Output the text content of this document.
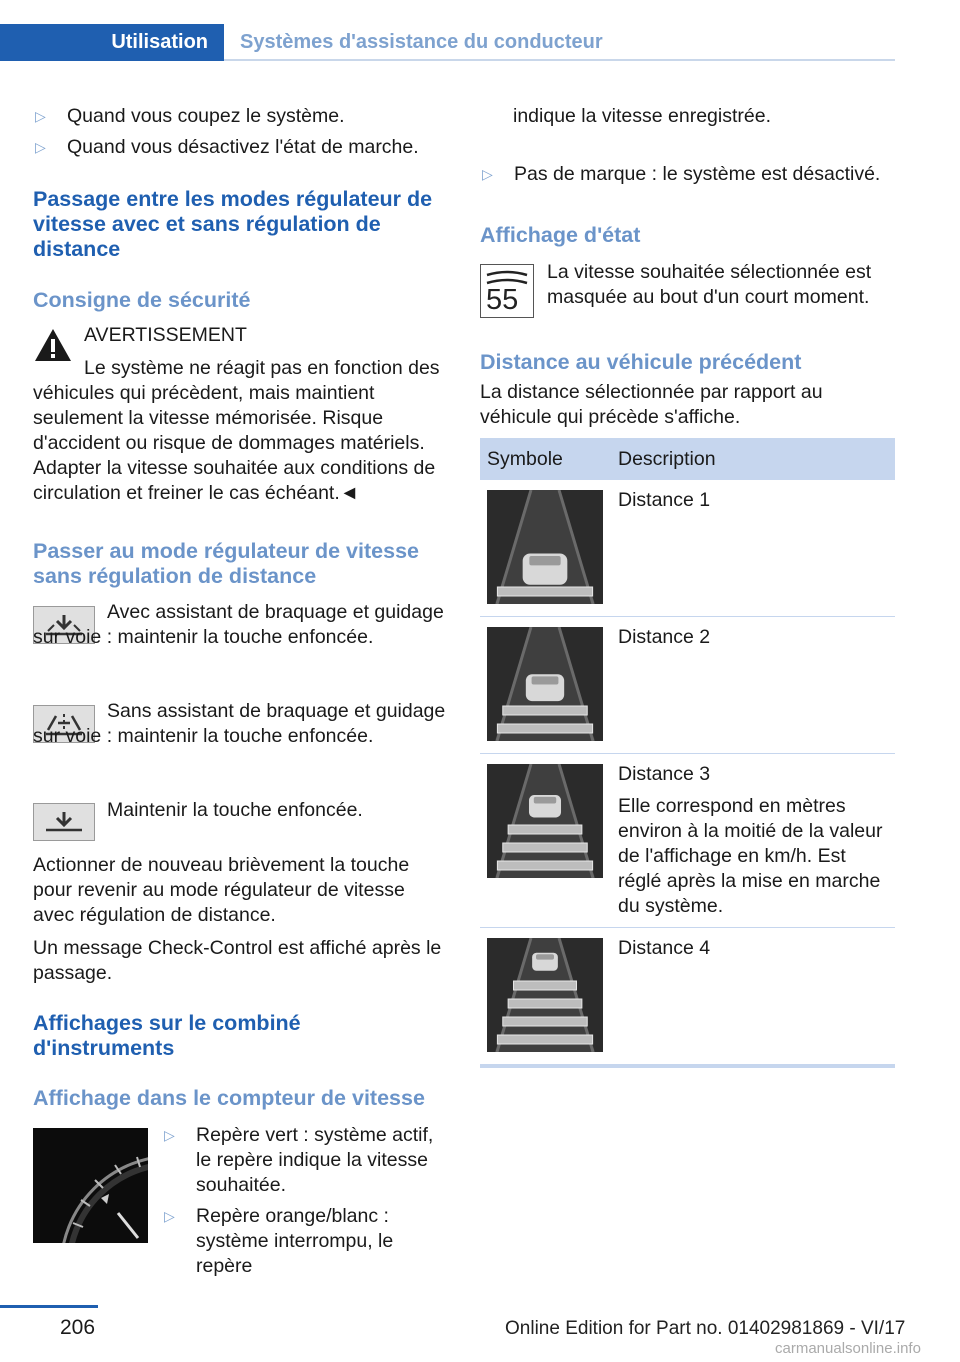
Utilisation	Systèmes d'assistance du conducteur
▷	Quand vous coupez le système.
▷	Quand vous désactivez l'état de marche.
Passage entre les modes régulateur de vitesse avec et sans régulation de distance
Consigne de sécurité
AVERTISSEMENT
Le système ne réagit pas en fonction des véhicules qui précèdent, mais maintient seulement la vitesse mémorisée. Risque d'accident ou risque de dommages matériels. Adapter la vitesse souhaitée aux conditions de circulation et freiner le cas échéant.◄
Passer au mode régulateur de vitesse sans régulation de distance
Avec assistant de braquage et guidage sur voie : maintenir la touche enfoncée.
Sans assistant de braquage et guidage sur voie : maintenir la touche enfoncée.
Maintenir la touche enfoncée.
Actionner de nouveau brièvement la touche pour revenir au mode régulateur de vitesse avec régulation de distance.
Un message Check-Control est affiché après le passage.
Affichages sur le combiné d'instruments
Affichage dans le compteur de vitesse
▷	Repère vert : système actif, le repère indique la vitesse souhaitée.
▷	Repère orange/blanc : système interrompu, le repère
indique la vitesse enregistrée.
▷	Pas de marque : le système est désactivé.
Affichage d'état
55
La vitesse souhaitée sélectionnée est masquée au bout d'un court moment.
Distance au véhicule précédent
La distance sélectionnée par rapport au véhicule qui précède s'affiche.
Symbole	Description

Distance 1

Distance 2

Distance 3
Elle correspond en mètres environ à la moitié de la valeur de l'affichage en km/h. Est réglé après la mise en marche du système.

Distance 4
206	Online Edition for Part no. 01402981869 - VI/17
carmanualsonline.info
